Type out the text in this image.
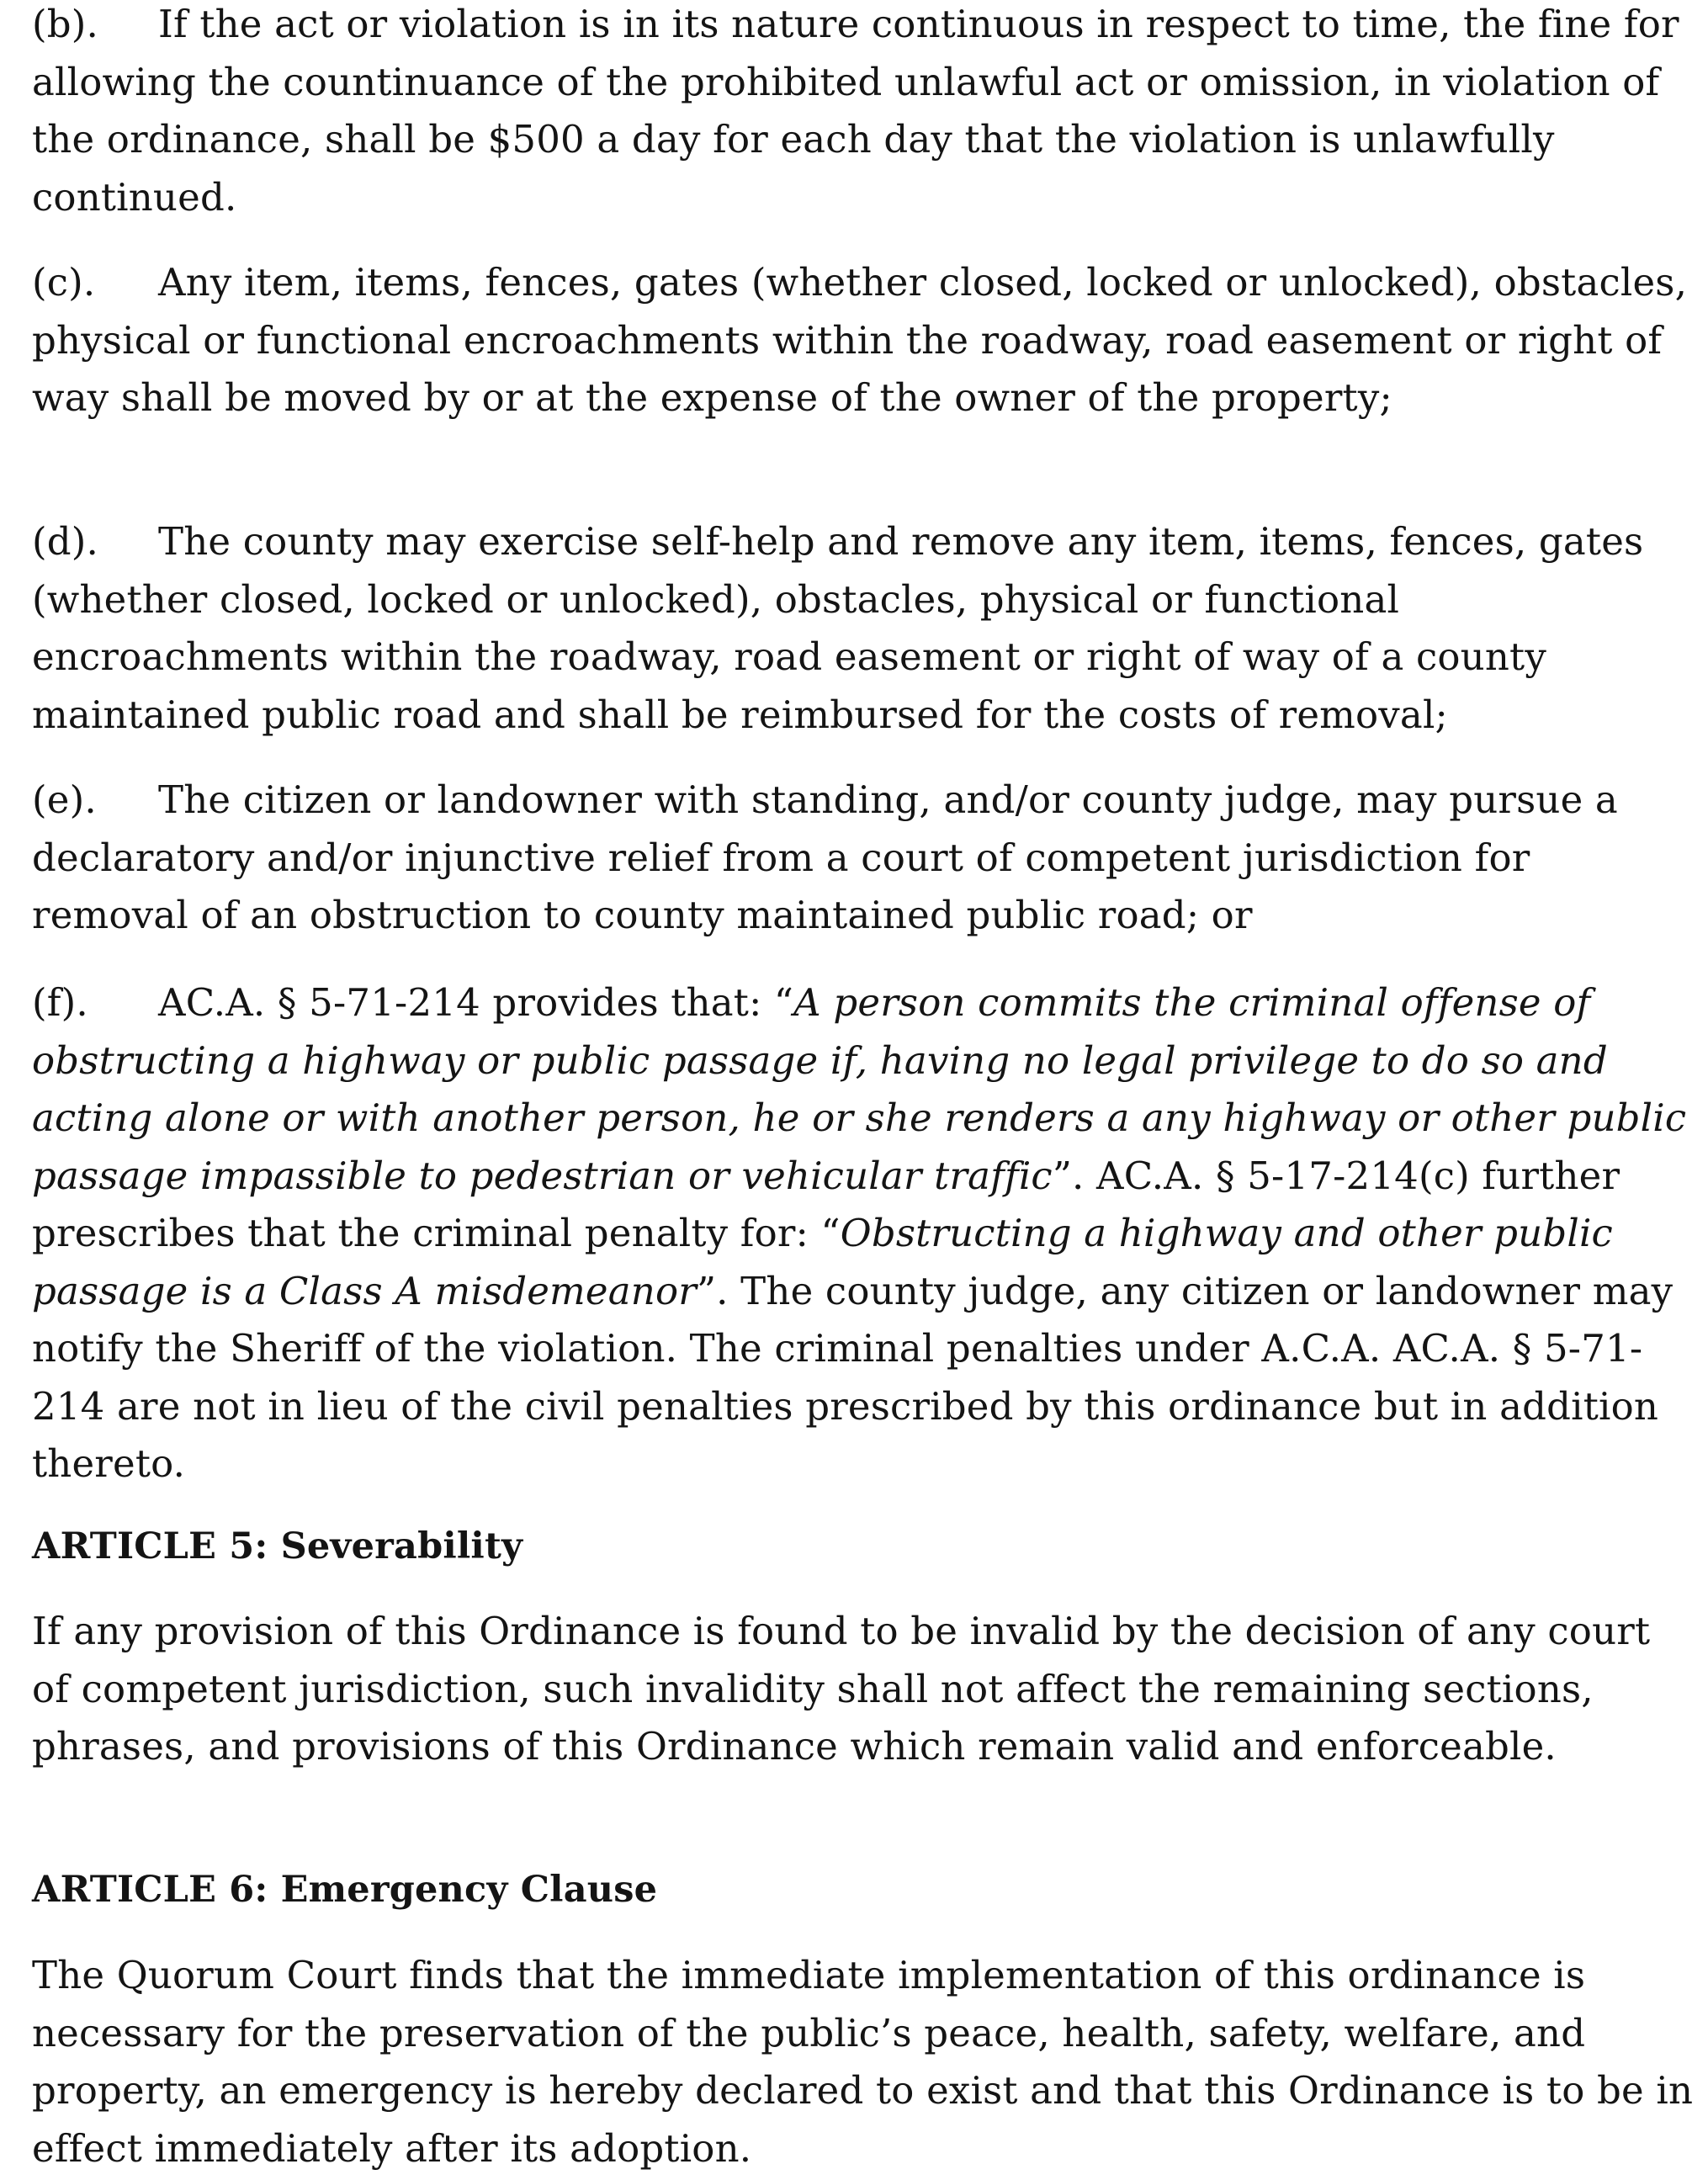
(b). If the act or violation is in its nature continuous in respect to time, the fine for allowing the countinuance of the prohibited unlawful act or omission, in violation of the ordinance, shall be $500 a day for each day that the violation is unlawfully continued.

(c). Any item, items, fences, gates (whether closed, locked or unlocked), obstacles, physical or functional encroachments within the roadway, road easement or right of way shall be moved by or at the expense of the owner of the property;

(d). The county may exercise self-help and remove any item, items, fences, gates (whether closed, locked or unlocked), obstacles, physical or functional encroachments within the roadway, road easement or right of way of a county maintained public road and shall be reimbursed for the costs of removal;

(e). The citizen or landowner with standing, and/or county judge, may pursue a declaratory and/or injunctive relief from a court of competent jurisdiction for removal of an obstruction to county maintained public road; or

(f). AC.A. § 5-71-214 provides that: “A person commits the criminal offense of obstructing a highway or public passage if, having no legal privilege to do so and acting alone or with another person, he or she renders a any highway or other public passage impassible to pedestrian or vehicular traffic”. AC.A. § 5-17-214(c) further prescribes that the criminal penalty for: “Obstructing a highway and other public passage is a Class A misdemeanor”. The county judge, any citizen or landowner may notify the Sheriff of the violation. The criminal penalties under A.C.A. AC.A. § 5-71-214 are not in lieu of the civil penalties prescribed by this ordinance but in addition thereto.

ARTICLE 5: Severability

If any provision of this Ordinance is found to be invalid by the decision of any court of competent jurisdiction, such invalidity shall not affect the remaining sections, phrases, and provisions of this Ordinance which remain valid and enforceable.

ARTICLE 6: Emergency Clause

The Quorum Court finds that the immediate implementation of this ordinance is necessary for the preservation of the public’s peace, health, safety, welfare, and property, an emergency is hereby declared to exist and that this Ordinance is to be in effect immediately after its adoption.
